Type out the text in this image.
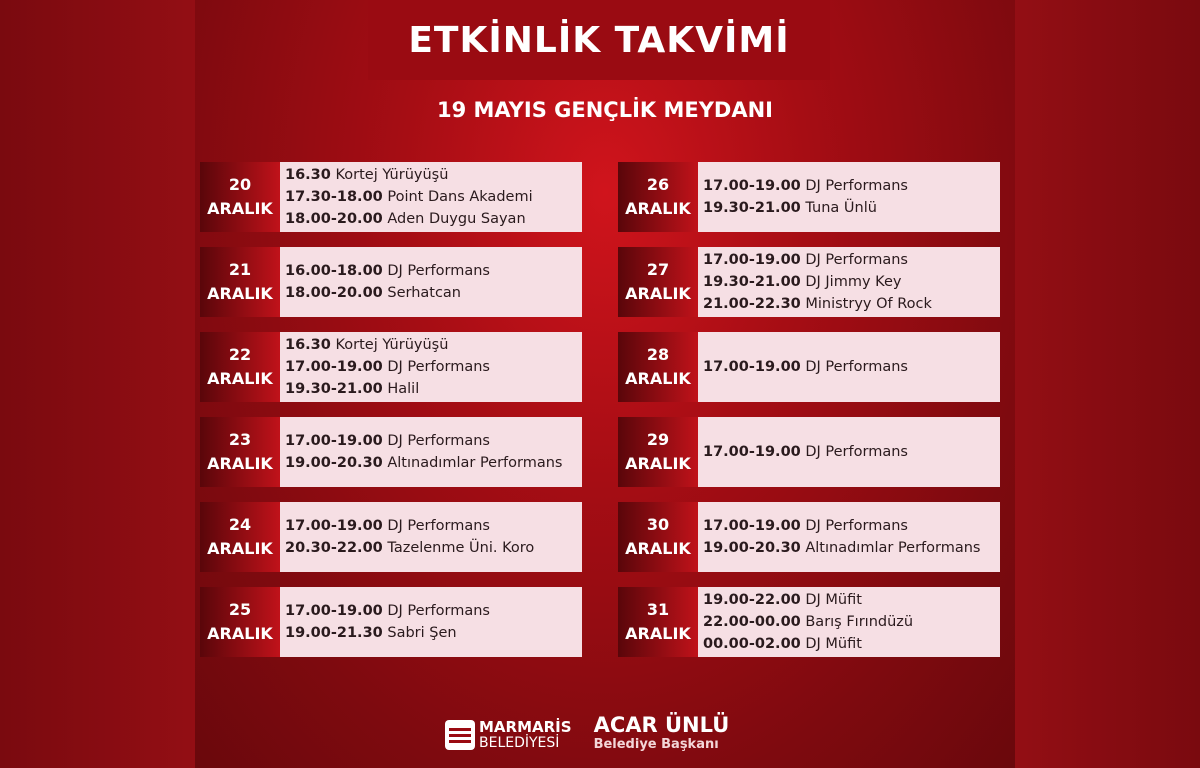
ETKİNLİK TAKVİMİ
19 MAYIS GENÇLİK MEYDANI
20
ARALIK
16.30 Kortej Yürüyüşü
17.30-18.00 Point Dans Akademi
18.00-20.00 Aden Duygu Sayan
26
ARALIK
17.00-19.00 DJ Performans
19.30-21.00 Tuna Ünlü
21
ARALIK
16.00-18.00 DJ Performans
18.00-20.00 Serhatcan
27
ARALIK
17.00-19.00 DJ Performans
19.30-21.00 DJ Jimmy Key
21.00-22.30 Ministryy Of Rock
22
ARALIK
16.30 Kortej Yürüyüşü
17.00-19.00 DJ Performans
19.30-21.00 Halil
28
ARALIK
17.00-19.00 DJ Performans
23
ARALIK
17.00-19.00 DJ Performans
19.00-20.30 Altınadımlar Performans
29
ARALIK
17.00-19.00 DJ Performans
24
ARALIK
17.00-19.00 DJ Performans
20.30-22.00 Tazelenme Üni. Koro
30
ARALIK
17.00-19.00 DJ Performans
19.00-20.30 Altınadımlar Performans
25
ARALIK
17.00-19.00 DJ Performans
19.00-21.30 Sabri Şen
31
ARALIK
19.00-22.00 DJ Müfit
22.00-00.00 Barış Fırındüzü
00.00-02.00 DJ Müfit
MARMARİS
BELEDİYESİ
ACAR ÜNLÜ
Belediye Başkanı
